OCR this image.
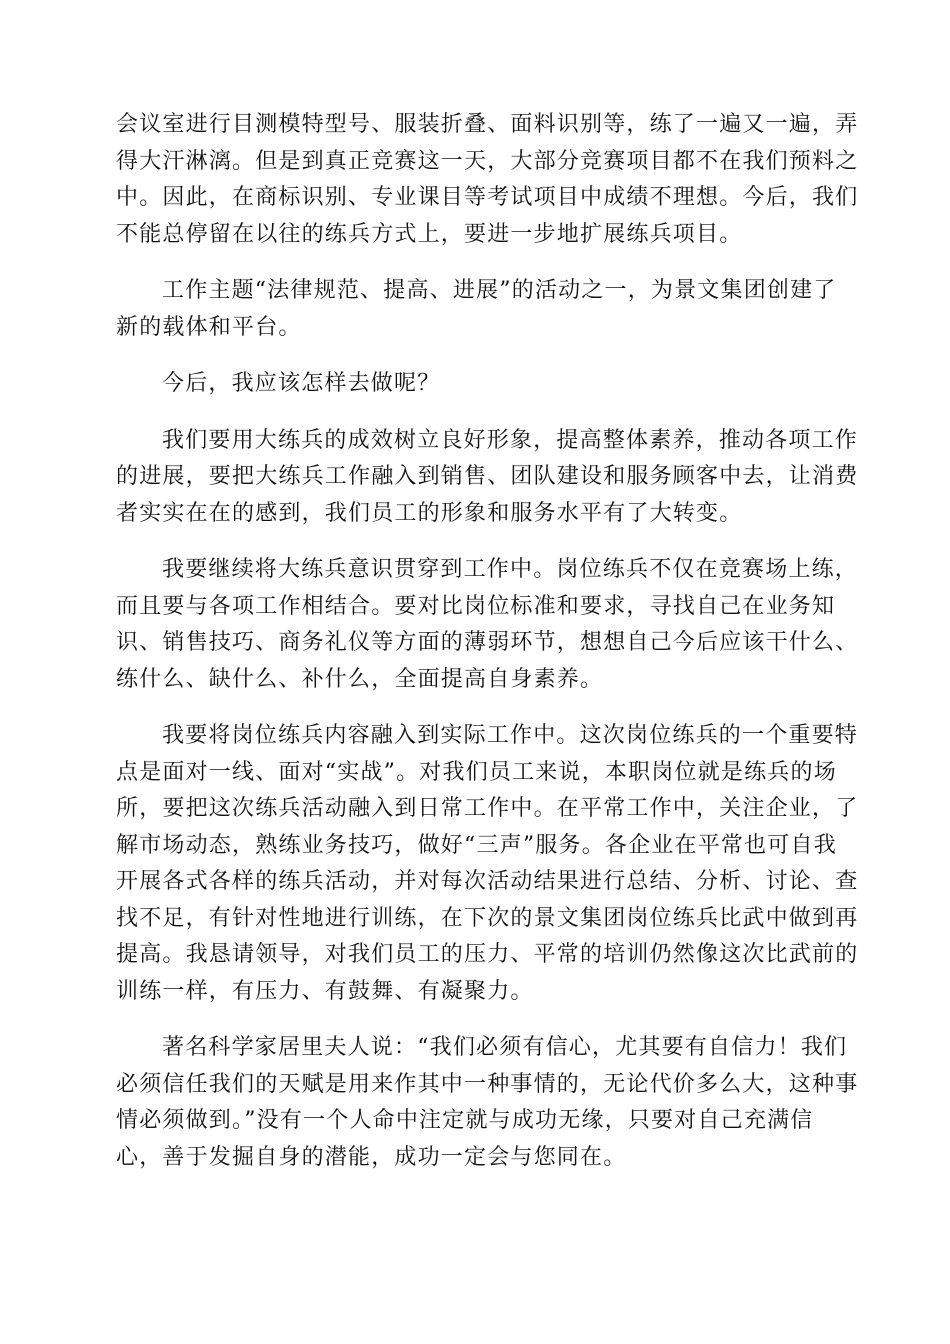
会议室进行目测模特型号、服装折叠、面料识别等，练了一遍又一遍，弄
得大汗淋漓。但是到真正竞赛这一天，大部分竞赛项目都不在我们预料之
中。因此，在商标识别、专业课目等考试项目中成绩不理想。今后，我们
不能总停留在以往的练兵方式上，要进一步地扩展练兵项目。

工作主题“法律规范、提高、进展”的活动之一，为景文集团创建了
新的载体和平台。

今后，我应该怎样去做呢？

我们要用大练兵的成效树立良好形象，提高整体素养，推动各项工作
的进展，要把大练兵工作融入到销售、团队建设和服务顾客中去，让消费
者实实在在的感到，我们员工的形象和服务水平有了大转变。

我要继续将大练兵意识贯穿到工作中。岗位练兵不仅在竞赛场上练，
而且要与各项工作相结合。要对比岗位标准和要求，寻找自己在业务知
识、销售技巧、商务礼仪等方面的薄弱环节，想想自己今后应该干什么、
练什么、缺什么、补什么，全面提高自身素养。

我要将岗位练兵内容融入到实际工作中。这次岗位练兵的一个重要特
点是面对一线、面对“实战”。对我们员工来说，本职岗位就是练兵的场
所，要把这次练兵活动融入到日常工作中。在平常工作中，关注企业，了
解市场动态，熟练业务技巧，做好“三声”服务。各企业在平常也可自我
开展各式各样的练兵活动，并对每次活动结果进行总结、分析、讨论、查
找不足，有针对性地进行训练，在下次的景文集团岗位练兵比武中做到再
提高。我恳请领导，对我们员工的压力、平常的培训仍然像这次比武前的
训练一样，有压力、有鼓舞、有凝聚力。

著名科学家居里夫人说：“我们必须有信心，尤其要有自信力！我们
必须信任我们的天赋是用来作其中一种事情的，无论代价多么大，这种事
情必须做到。”没有一个人命中注定就与成功无缘，只要对自己充满信
心，善于发掘自身的潜能，成功一定会与您同在。
